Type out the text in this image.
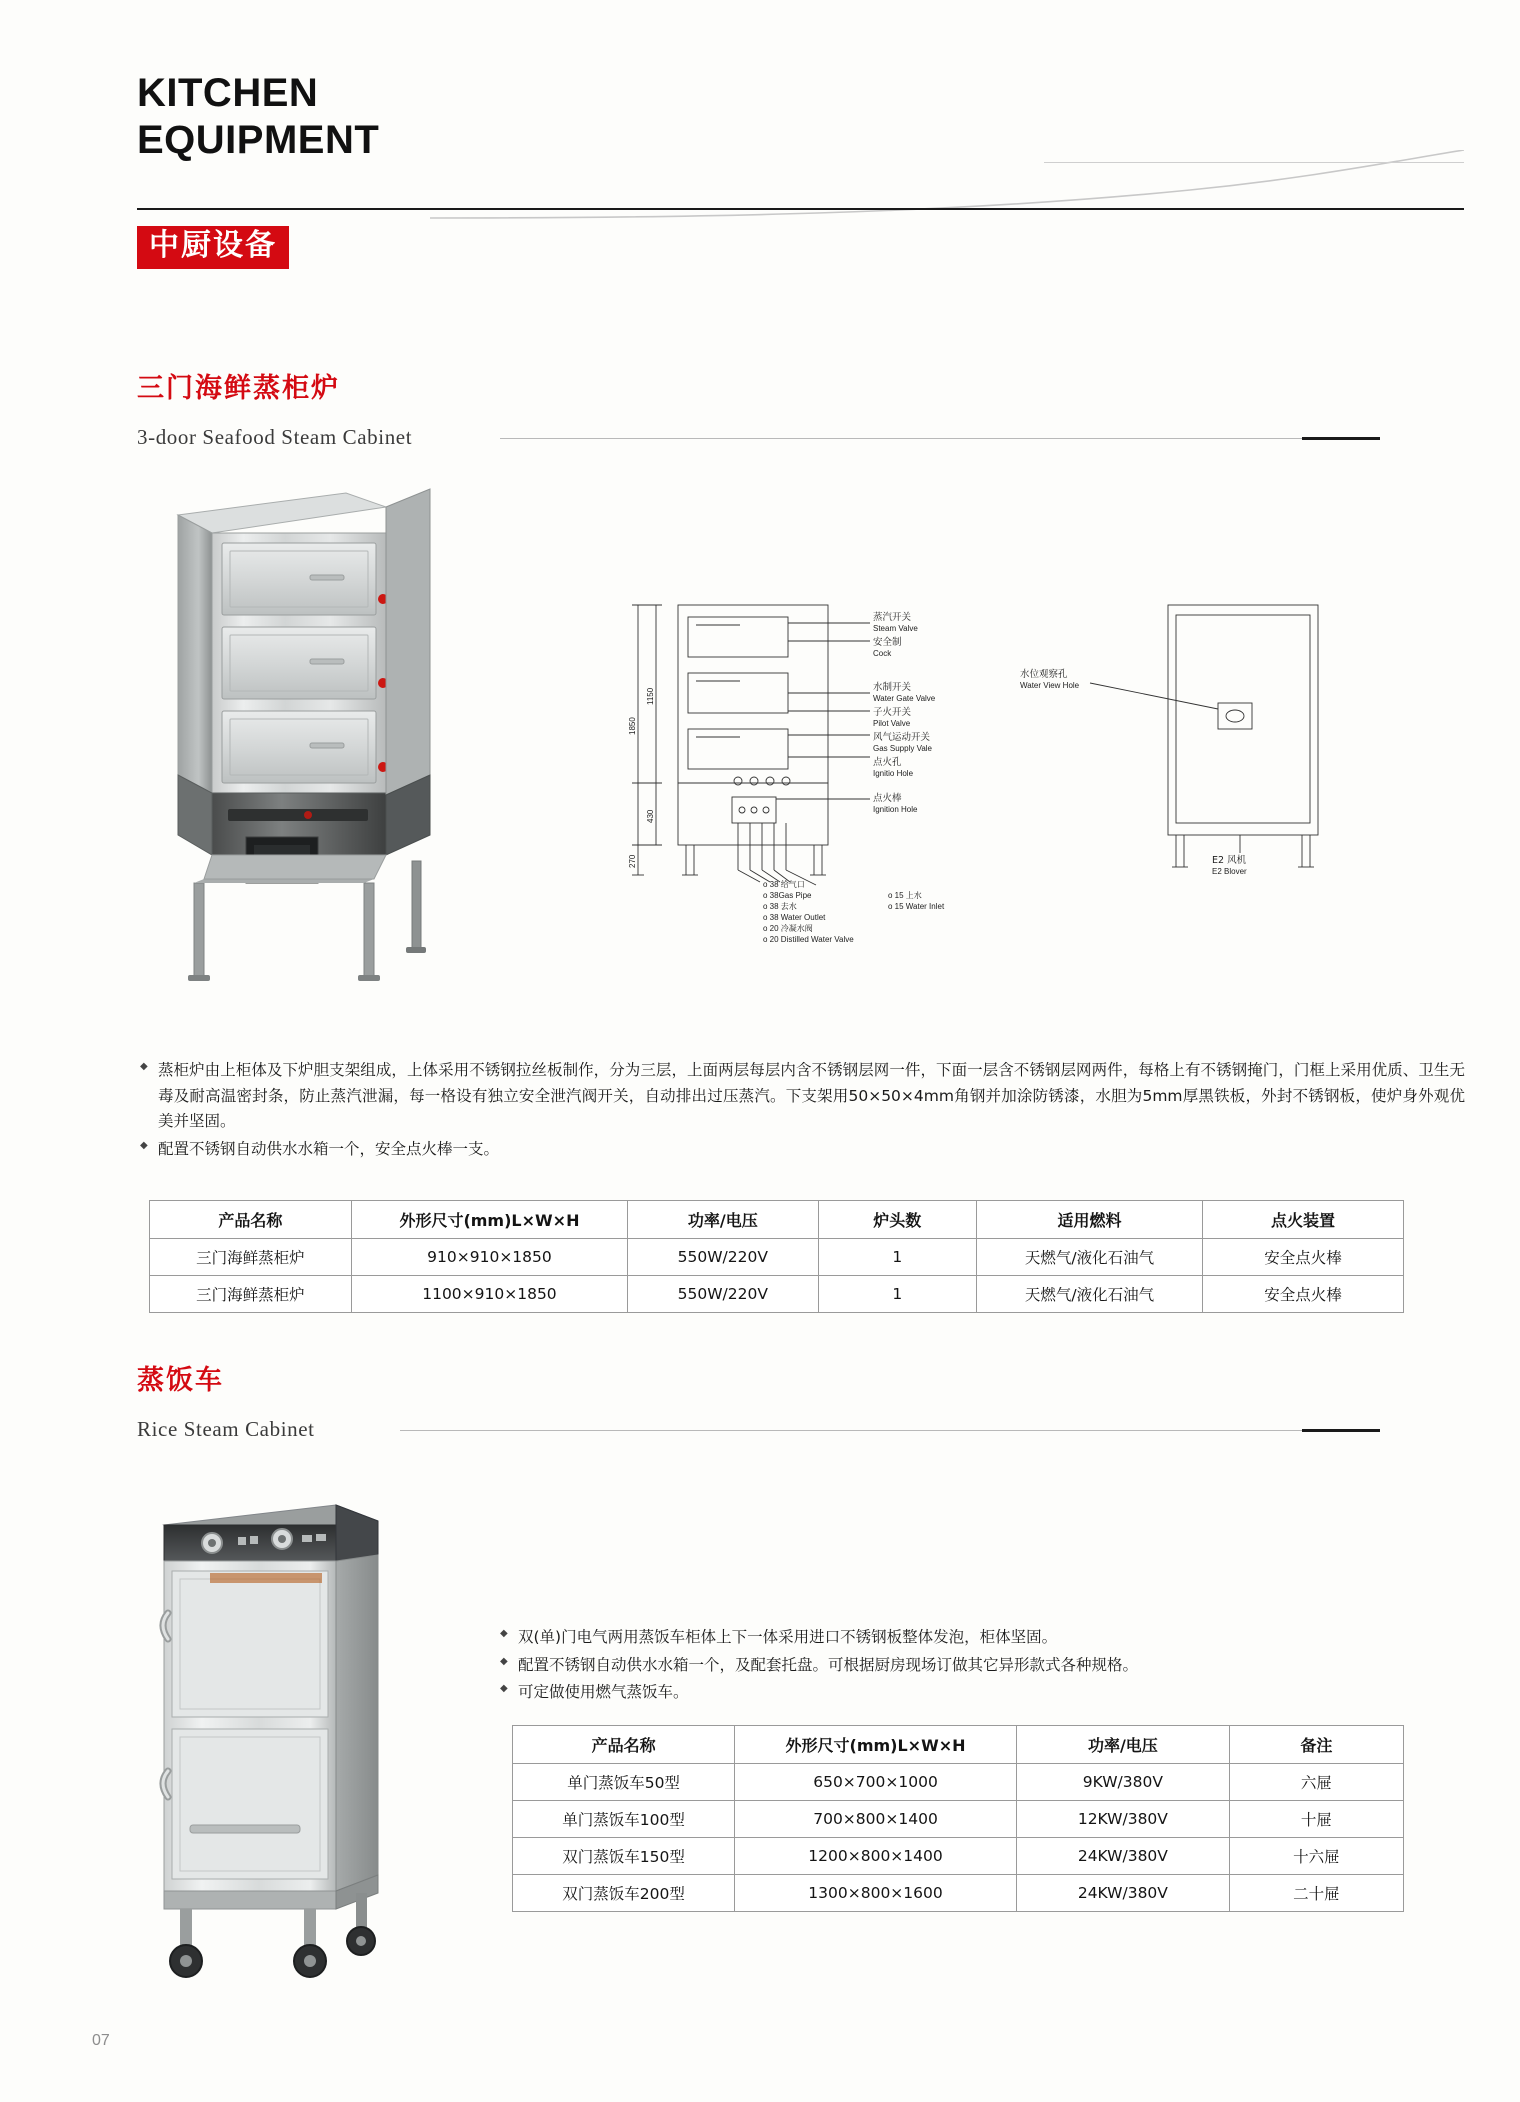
KITCHEN
EQUIPMENT
中厨设备
三门海鲜蒸柜炉
3-door Seafood Steam Cabinet
1150
1850
430
270
蒸汽开关
Steam Valve
安全制
Cock
水制开关
Water Gate Valve
子火开关
Pilot Valve
风气运动开关
Gas Supply Vale
点火孔
Ignitio Hole
点火棒
Ignition Hole
水位观察孔
Water View Hole
o 38 给气口
o 38Gas Pipe
o 38 去水
o 38 Water Outlet
o 20 冷凝水阀
o 20 Distilled Water Valve
o 15 上水
o 15 Water Inlet
E2 风机
E2 Blover
◆ 蒸柜炉由上柜体及下炉胆支架组成，上体采用不锈钢拉丝板制作，分为三层，上面两层每层内含不锈钢层网一件，下面一层含不锈钢层网两件，每格上有不锈钢掩门，门框上采用优质、卫生无毒及耐高温密封条，防止蒸汽泄漏，每一格设有独立安全泄汽阀开关，自动排出过压蒸汽。下支架用50×50×4mm角钢并加涂防锈漆，水胆为5mm厚黑铁板，外封不锈钢板，使炉身外观优美并坚固。
◆ 配置不锈钢自动供水水箱一个，安全点火棒一支。
产品名称	外形尺寸(mm)L×W×H	功率/电压	炉头数	适用燃料	点火装置
三门海鲜蒸柜炉	910×910×1850	550W/220V	1	天燃气/液化石油气	安全点火棒
三门海鲜蒸柜炉	1100×910×1850	550W/220V	1	天燃气/液化石油气	安全点火棒
蒸饭车
Rice Steam Cabinet
◆ 双(单)门电气两用蒸饭车柜体上下一体采用进口不锈钢板整体发泡，柜体坚固。
◆ 配置不锈钢自动供水水箱一个，及配套托盘。可根据厨房现场订做其它异形款式各种规格。
◆ 可定做使用燃气蒸饭车。
产品名称	外形尺寸(mm)L×W×H	功率/电压	备注
单门蒸饭车50型	650×700×1000	9KW/380V	六屉
单门蒸饭车100型	700×800×1400	12KW/380V	十屉
双门蒸饭车150型	1200×800×1400	24KW/380V	十六屉
双门蒸饭车200型	1300×800×1600	24KW/380V	二十屉
07
